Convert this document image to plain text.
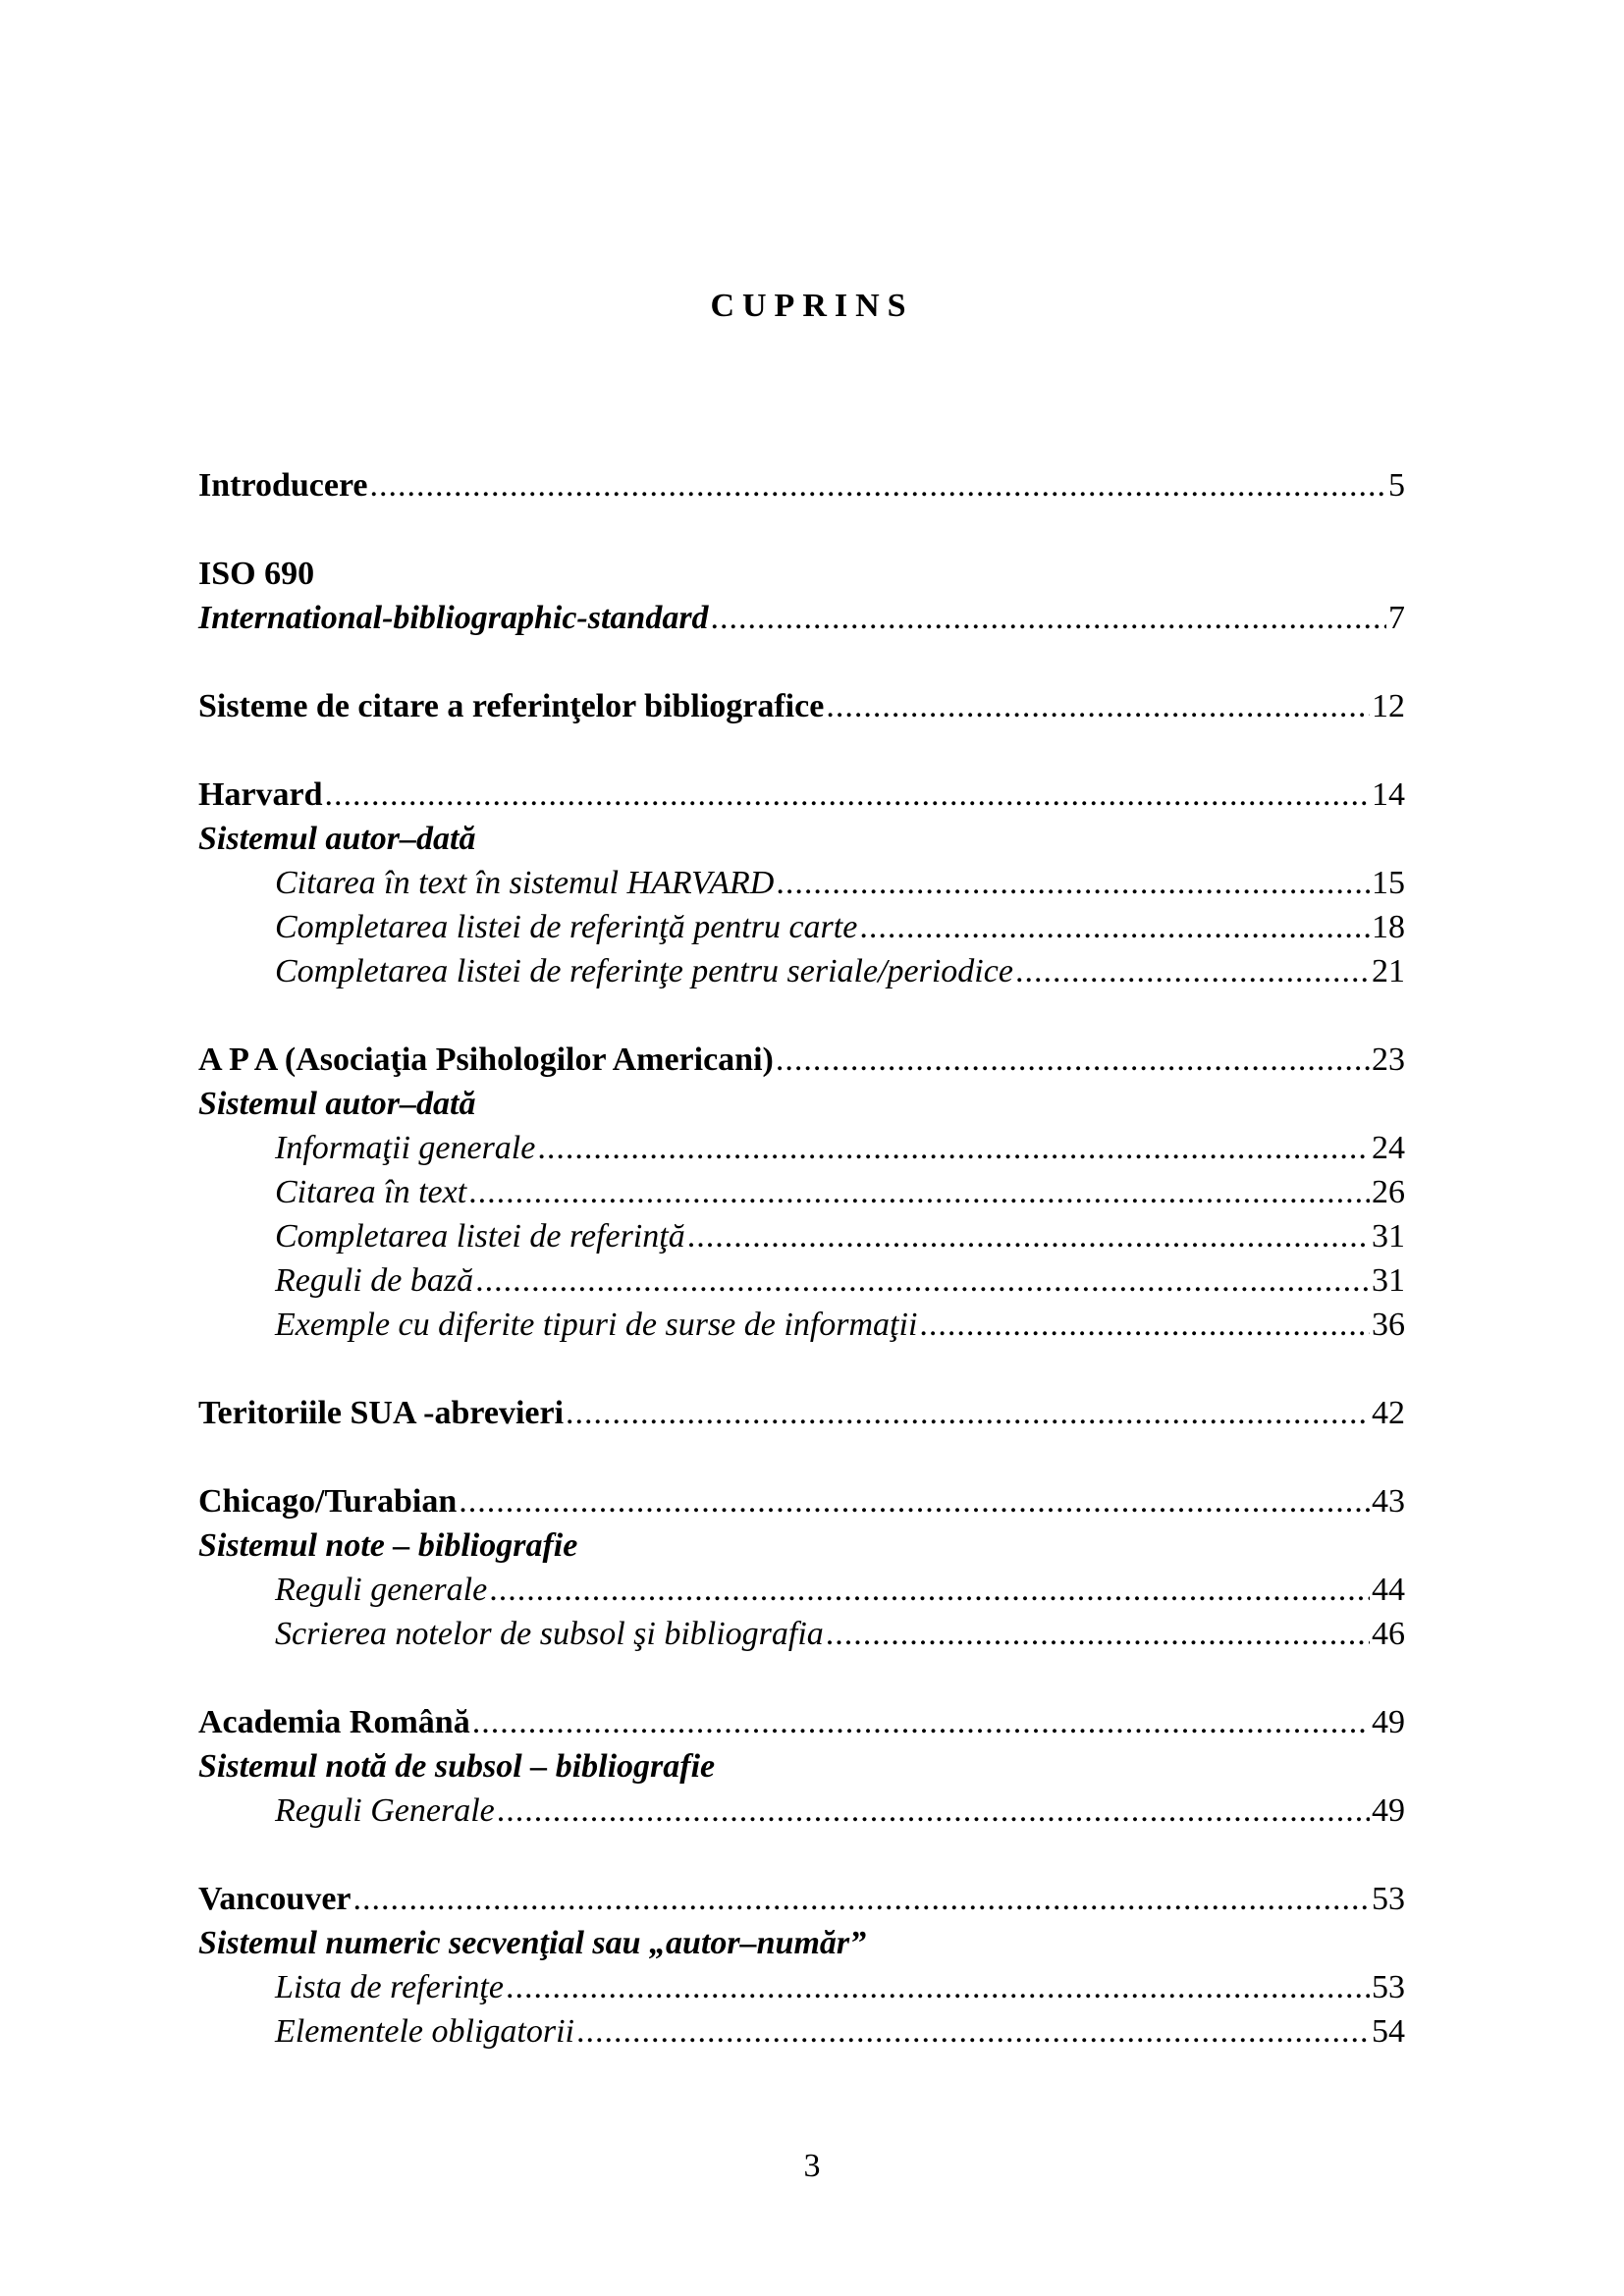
CUPRINS
Introducere .....	5
ISO 690
International-bibliographic-standard .....	7
Sisteme de citare a referinţelor bibliografice .....	12
Harvard .....	14
Sistemul autor–dată
Citarea în text în sistemul HARVARD .....	15
Completarea listei de referinţă pentru carte .....	18
Completarea listei de referinţe pentru seriale/periodice .....	21
A P A (Asociaţia Psihologilor Americani) .....	23
Sistemul autor–dată
Informaţii generale .....	24
Citarea în text .....	26
Completarea listei de referinţă .....	31
Reguli de bază .....	31
Exemple cu diferite tipuri de surse de informaţii .....	36
Teritoriile SUA -abrevieri .....	42
Chicago/Turabian .....	43
Sistemul note – bibliografie
Reguli generale .....	44
Scrierea notelor de subsol şi bibliografia .....	46
Academia Română .....	49
Sistemul notă de subsol – bibliografie
Reguli Generale .....	49
Vancouver .....	53
Sistemul numeric secvenţial sau „autor–număr”
Lista de referinţe .....	53
Elementele obligatorii .....	54
3
